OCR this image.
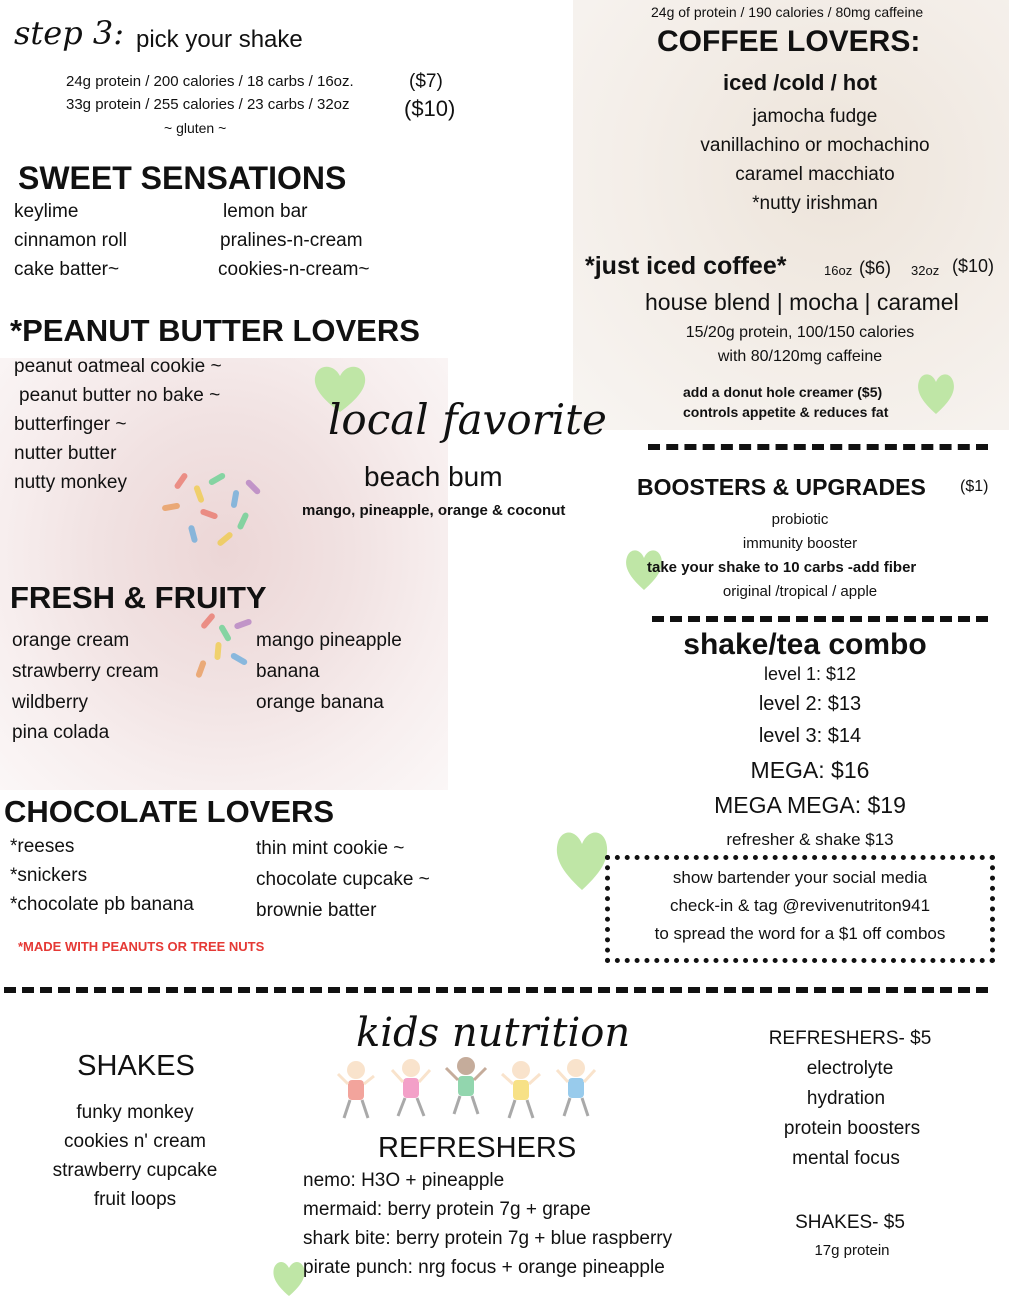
step 3: pick your shake
24g protein / 200 calories / 18 carbs / 16oz.	($7)
33g protein / 255 calories / 23 carbs / 32oz ($10)
~ gluten ~
SWEET SENSATIONS
keylime
cinnamon roll
cake batter~
lemon bar
pralines-n-cream
cookies-n-cream~
*PEANUT BUTTER LOVERS
peanut oatmeal cookie ~
peanut butter no bake ~
butterfinger ~
nutter butter
nutty monkey
local favorite
beach bum
mango, pineapple, orange & coconut
FRESH & FRUITY
orange cream
strawberry cream
wildberry
pina colada
mango pineapple
banana
orange banana
CHOCOLATE LOVERS
*reeses
*snickers
*chocolate pb banana
thin mint cookie ~
chocolate cupcake ~
brownie batter
*MADE WITH PEANUTS OR TREE NUTS
24g of protein / 190 calories / 80mg caffeine
COFFEE LOVERS:
iced /cold / hot
jamocha fudge
vanillachino or mochachino
caramel macchiato
*nutty irishman
*just iced coffee*	16oz ($6) 32oz ($10)
house blend | mocha | caramel
15/20g protein, 100/150 calories
with 80/120mg caffeine
add a donut hole creamer ($5)
controls appetite & reduces fat
BOOSTERS & UPGRADES ($1)
probiotic
immunity booster
take your shake to 10 carbs -add fiber
original /tropical / apple
shake/tea combo
level 1: $12
level 2: $13
level 3: $14
MEGA: $16
MEGA MEGA: $19
refresher & shake $13
show bartender your social media
check-in & tag @revivenutriton941
to spread the word for a $1 off combos
kids nutrition
SHAKES
funky monkey
cookies n' cream
strawberry cupcake
fruit loops
REFRESHERS
nemo: H3O + pineapple
mermaid: berry protein 7g + grape
shark bite: berry protein 7g + blue raspberry
pirate punch: nrg focus + orange pineapple
REFRESHERS- $5
electrolyte
hydration
protein boosters
mental focus
SHAKES- $5
17g protein
